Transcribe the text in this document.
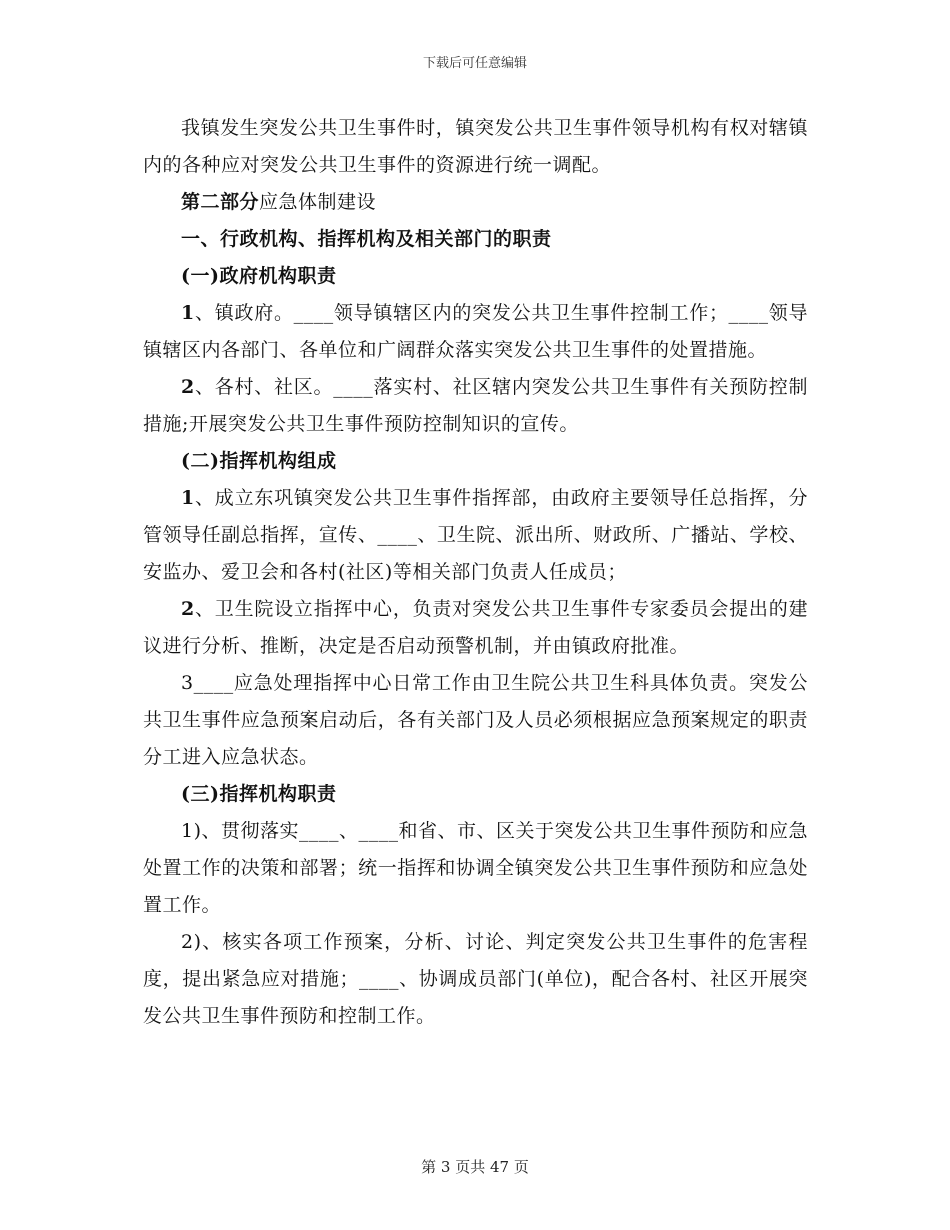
下载后可任意编辑

我镇发生突发公共卫生事件时，镇突发公共卫生事件领导机构有权对辖镇内的各种应对突发公共卫生事件的资源进行统一调配。

第二部分应急体制建设

一、行政机构、指挥机构及相关部门的职责

(一)政府机构职责

1、镇政府。____领导镇辖区内的突发公共卫生事件控制工作；____领导镇辖区内各部门、各单位和广阔群众落实突发公共卫生事件的处置措施。

2、各村、社区。____落实村、社区辖内突发公共卫生事件有关预防控制措施;开展突发公共卫生事件预防控制知识的宣传。

(二)指挥机构组成

1、成立东巩镇突发公共卫生事件指挥部，由政府主要领导任总指挥，分管领导任副总指挥，宣传、____、卫生院、派出所、财政所、广播站、学校、安监办、爱卫会和各村(社区)等相关部门负责人任成员；

2、卫生院设立指挥中心，负责对突发公共卫生事件专家委员会提出的建议进行分析、推断，决定是否启动预警机制，并由镇政府批准。

3____应急处理指挥中心日常工作由卫生院公共卫生科具体负责。突发公共卫生事件应急预案启动后，各有关部门及人员必须根据应急预案规定的职责分工进入应急状态。

(三)指挥机构职责

1)、贯彻落实____、____和省、市、区关于突发公共卫生事件预防和应急处置工作的决策和部署；统一指挥和协调全镇突发公共卫生事件预防和应急处置工作。

2)、核实各项工作预案，分析、讨论、判定突发公共卫生事件的危害程度，提出紧急应对措施；____、协调成员部门(单位)，配合各村、社区开展突发公共卫生事件预防和控制工作。

第 3 页共 47 页
